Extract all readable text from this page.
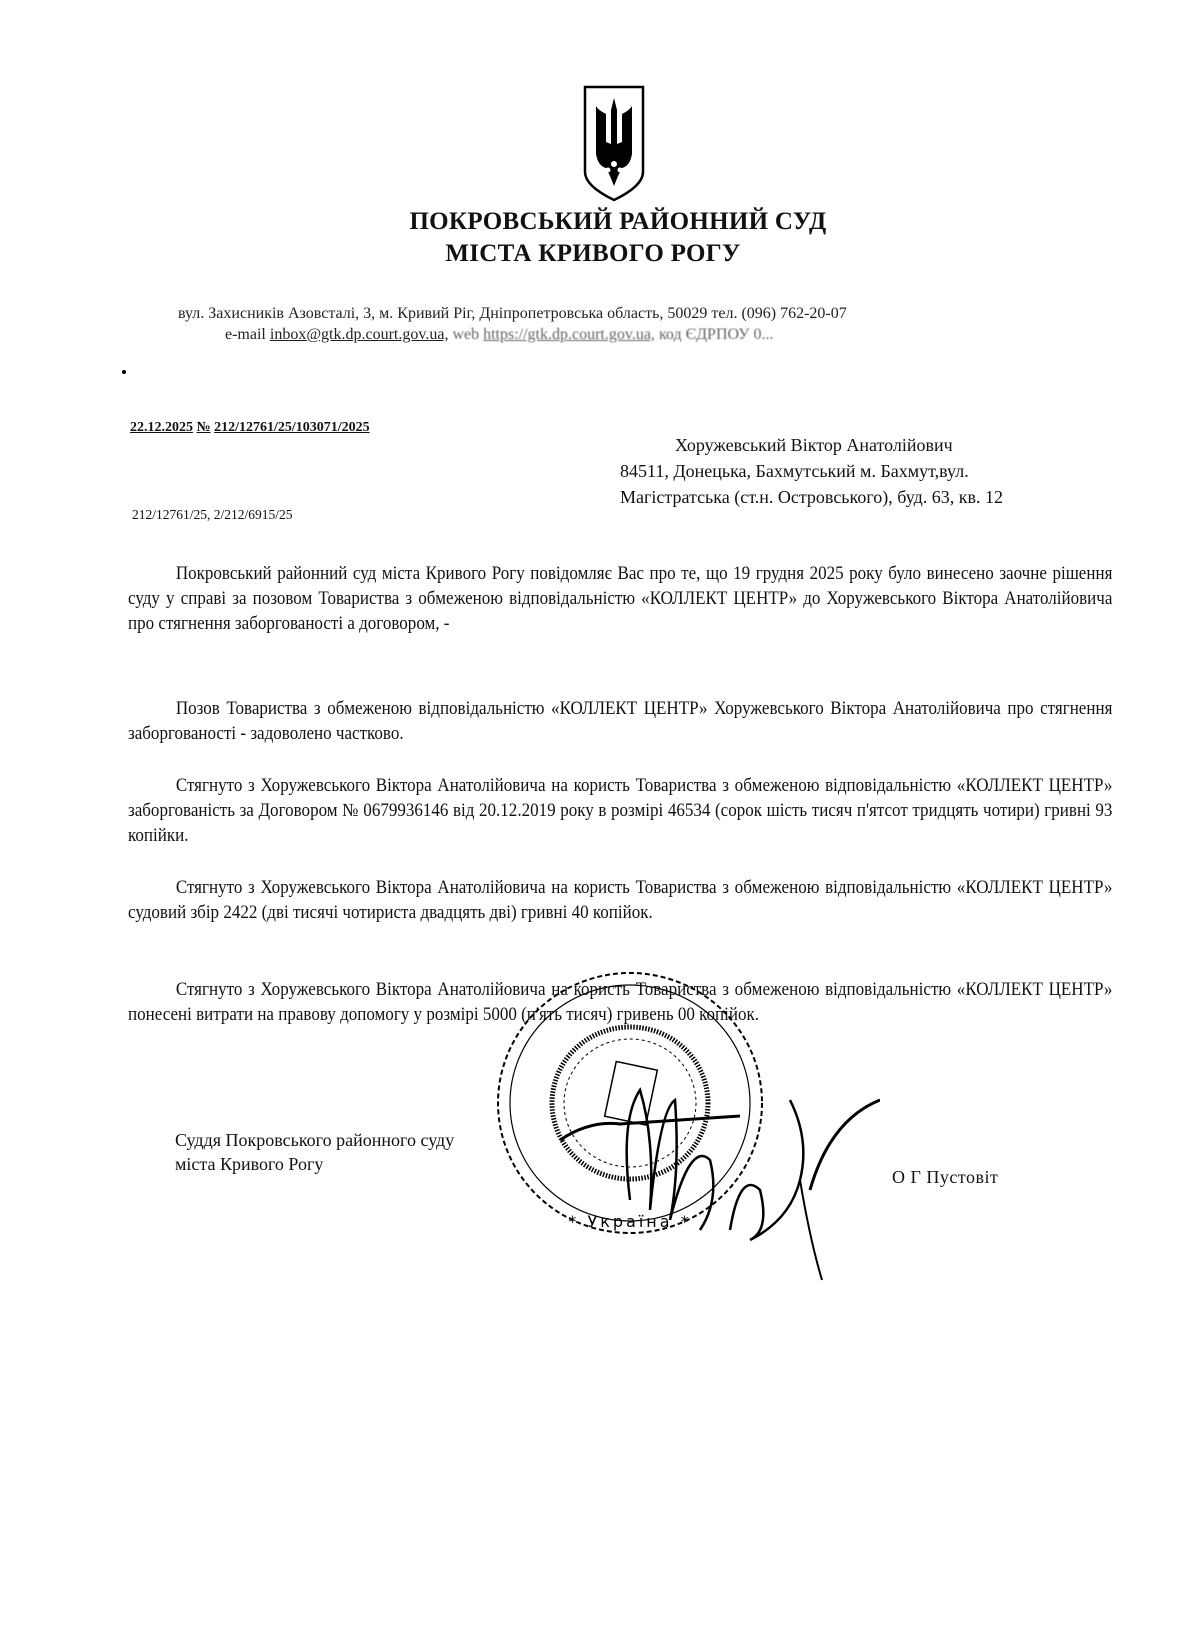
ПОКРОВСЬКИЙ РАЙОННИЙ СУД
МІСТА КРИВОГО РОГУ
вул. Захисників Азовсталі, 3, м. Кривий Ріг, Дніпропетровська область, 50029 тел. (096) 762-20-07
e-mail inbox@gtk.dp.court.gov.ua, web https://gtk.dp.court.gov.ua, код ЄДРПОУ 0...
22.12.2025 № 212/12761/25/103071/2025
212/12761/25, 2/212/6915/25
Хоружевський Віктор Анатолійович
84511, Донецька, Бахмутський м. Бахмут,вул.
Магістратська (ст.н. Островського), буд. 63, кв. 12

Покровський районний суд міста Кривого Рогу повідомляє Вас про те, що 19 грудня 2025 року було винесено заочне рішення суду у справі за позовом Товариства з обмеженою відповідальністю «КОЛЛЕКТ ЦЕНТР» до Хоружевського Віктора Анатолійовича про стягнення заборгованості а договором, -

Позов Товариства з обмеженою відповідальністю «КОЛЛЕКТ ЦЕНТР» Хоружевського Віктора Анатолійовича про стягнення заборгованості - задоволено частково.

Стягнуто з Хоружевського Віктора Анатолійовича на користь Товариства з обмеженою відповідальністю «КОЛЛЕКТ ЦЕНТР» заборгованість за Договором № 0679936146 від 20.12.2019 року в розмірі 46534 (сорок шість тисяч п'ятсот тридцять чотири) гривні 93 копійки.

Стягнуто з Хоружевського Віктора Анатолійовича на користь Товариства з обмеженою відповідальністю «КОЛЛЕКТ ЦЕНТР» судовий збір 2422 (дві тисячі чотириста двадцять дві) гривні 40 копійок.

Стягнуто з Хоружевського Віктора Анатолійовича на користь Товариства з обмеженою відповідальністю «КОЛЛЕКТ ЦЕНТР» понесені витрати на правову допомогу у розмірі 5000 (п'ять тисяч) гривень 00 копійок.

* Україна *
Суддя Покровського районного суду
міста Кривого Рогу
О Г Пустовіт
